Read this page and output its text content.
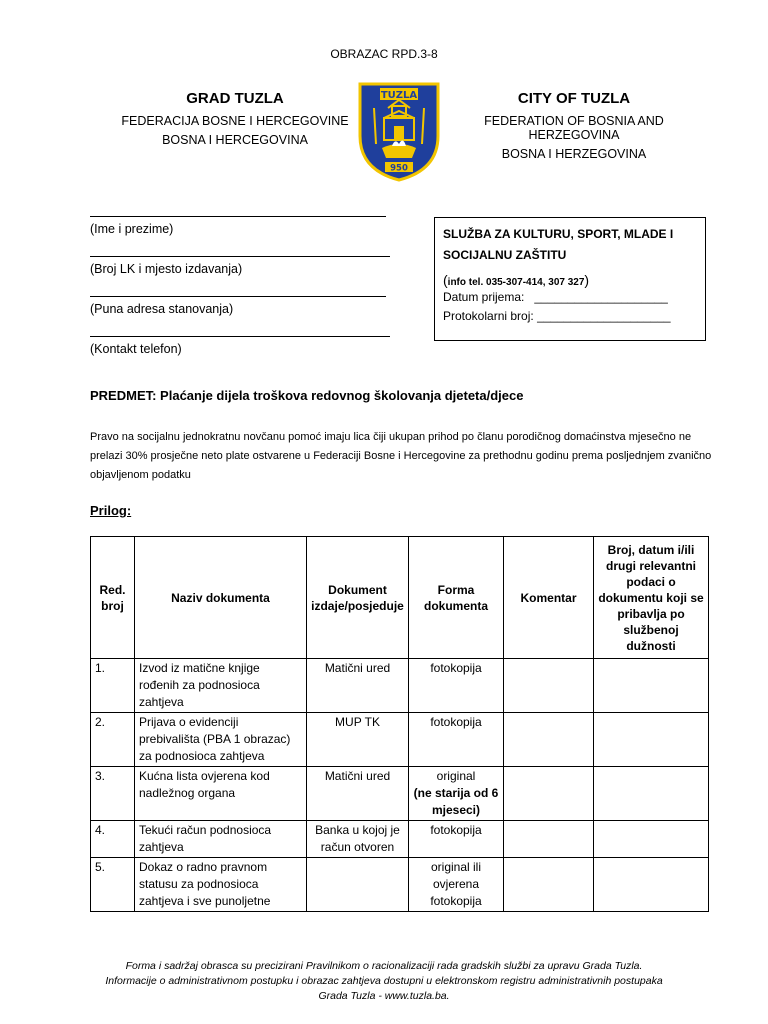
OBRAZAC RPD.3-8
GRAD TUZLA
FEDERACIJA BOSNE I HERCEGOVINE
BOSNA I HERCEGOVINA
TUZLA
950
CITY OF TUZLA
FEDERATION OF BOSNIA AND HERZEGOVINA
BOSNA I HERZEGOVINA
(Ime i prezime)
(Broj LK i mjesto izdavanja)
(Puna adresa stanovanja)
(Kontakt telefon)
SLUŽBA ZA KULTURU, SPORT, MLADE I
SOCIJALNU ZAŠTITU
(info tel. 035-307-414, 307 327)
Datum prijema: ____________________
Protokolarni broj: ____________________
PREDMET: Plaćanje dijela troškova redovnog školovanja djeteta/djece
Pravo na socijalnu jednokratnu novčanu pomoć imaju lica čiji ukupan prihod po članu porodičnog domaćinstva mjesečno ne prelazi 30% prosječne neto plate ostvarene u Federaciji Bosne i Hercegovine za prethodnu godinu prema posljednjem zvanično objavljenom podatku
Prilog:
Red. broj	Naziv dokumenta	Dokument izdaje/posjeduje	Forma dokumenta	Komentar	Broj, datum i/ili drugi relevantni podaci o dokumentu koji se pribavlja po službenoj dužnosti
1.	Izvod iz matične knjige rođenih za podnosioca zahtjeva	Matični ured	fotokopija		
2.	Prijava o evidenciji prebivališta (PBA 1 obrazac) za podnosioca zahtjeva	MUP TK	fotokopija		
3.	Kućna lista ovjerena kod nadležnog organa	Matični ured	original
(ne starija od 6 mjeseci)		

4.	Tekući račun podnosioca zahtjeva	Banka u kojoj je račun otvoren	fotokopija		
5.	Dokaz o radno pravnom statusu za podnosioca zahtjeva i sve punoljetne		original ili ovjerena fotokopija		
Forma i sadržaj obrasca su precizirani Pravilnikom o racionalizaciji rada gradskih službi za upravu Grada Tuzla.
Informacije o administrativnom postupku i obrazac zahtjeva dostupni u elektronskom registru administrativnih postupaka Grada Tuzla - www.tuzla.ba.
